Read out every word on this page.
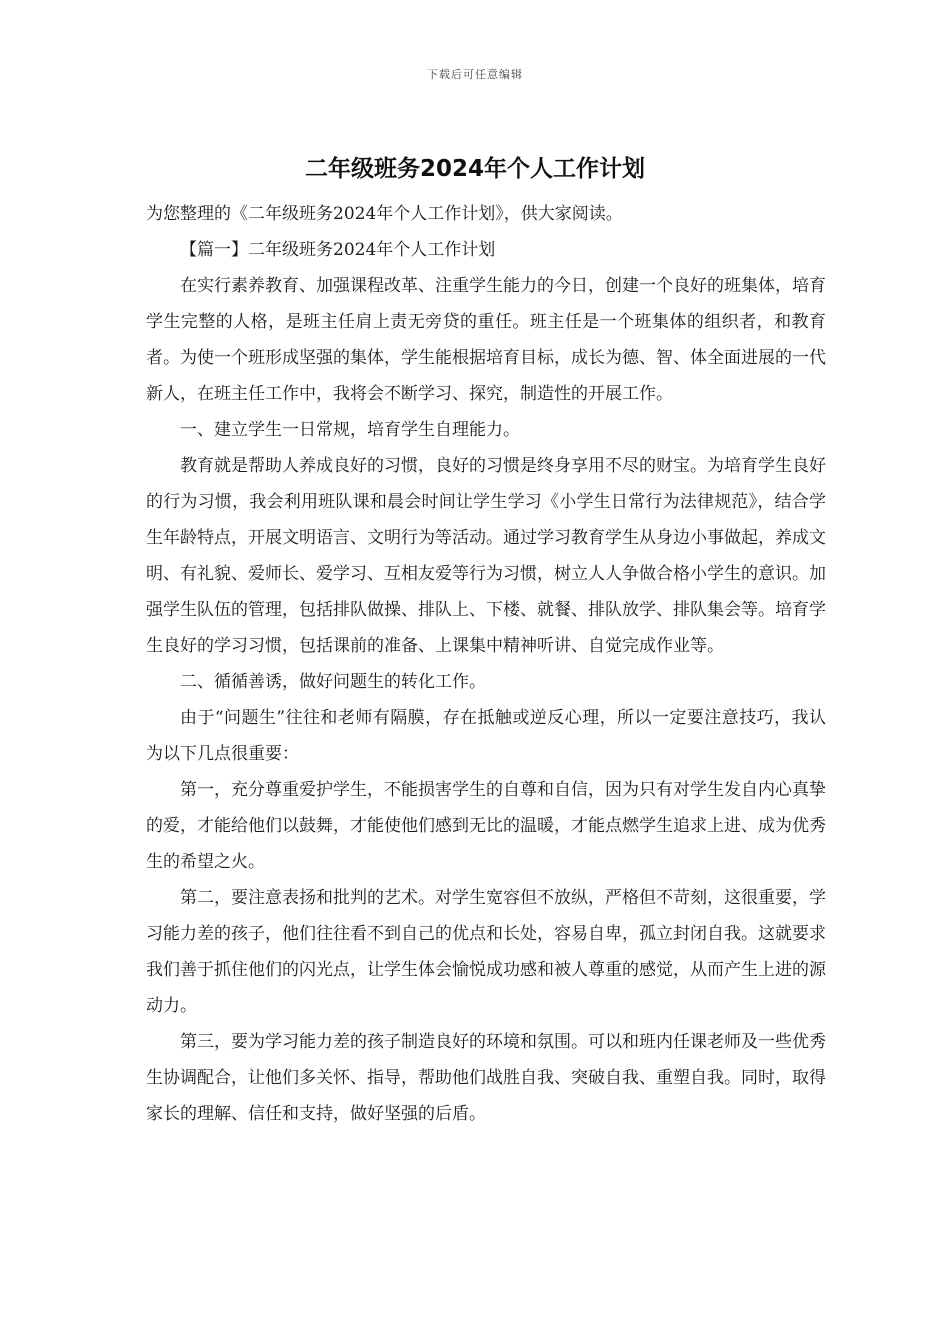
下载后可任意编辑
二年级班务2024年个人工作计划

为您整理的《二年级班务2024年个人工作计划》，供大家阅读。

【篇一】二年级班务2024年个人工作计划

在实行素养教育、加强课程改革、注重学生能力的今日，创建一个良好的班集体，培育学生完整的人格，是班主任肩上责无旁贷的重任。班主任是一个班集体的组织者，和教育者。为使一个班形成坚强的集体，学生能根据培育目标，成长为德、智、体全面进展的一代新人，在班主任工作中，我将会不断学习、探究，制造性的开展工作。

一、建立学生一日常规，培育学生自理能力。

教育就是帮助人养成良好的习惯，良好的习惯是终身享用不尽的财宝。为培育学生良好的行为习惯，我会利用班队课和晨会时间让学生学习《小学生日常行为法律规范》，结合学生年龄特点，开展文明语言、文明行为等活动。通过学习教育学生从身边小事做起，养成文明、有礼貌、爱师长、爱学习、互相友爱等行为习惯，树立人人争做合格小学生的意识。加强学生队伍的管理，包括排队做操、排队上、下楼、就餐、排队放学、排队集会等。培育学生良好的学习习惯，包括课前的准备、上课集中精神听讲、自觉完成作业等。

二、循循善诱，做好问题生的转化工作。

由于“问题生”往往和老师有隔膜，存在抵触或逆反心理，所以一定要注意技巧，我认为以下几点很重要：

第一，充分尊重爱护学生，不能损害学生的自尊和自信，因为只有对学生发自内心真挚的爱，才能给他们以鼓舞，才能使他们感到无比的温暖，才能点燃学生追求上进、成为优秀生的希望之火。

第二，要注意表扬和批判的艺术。对学生宽容但不放纵，严格但不苛刻，这很重要，学习能力差的孩子，他们往往看不到自己的优点和长处，容易自卑，孤立封闭自我。这就要求我们善于抓住他们的闪光点，让学生体会愉悦成功感和被人尊重的感觉，从而产生上进的源动力。

第三，要为学习能力差的孩子制造良好的环境和氛围。可以和班内任课老师及一些优秀生协调配合，让他们多关怀、指导，帮助他们战胜自我、突破自我、重塑自我。同时，取得家长的理解、信任和支持，做好坚强的后盾。
